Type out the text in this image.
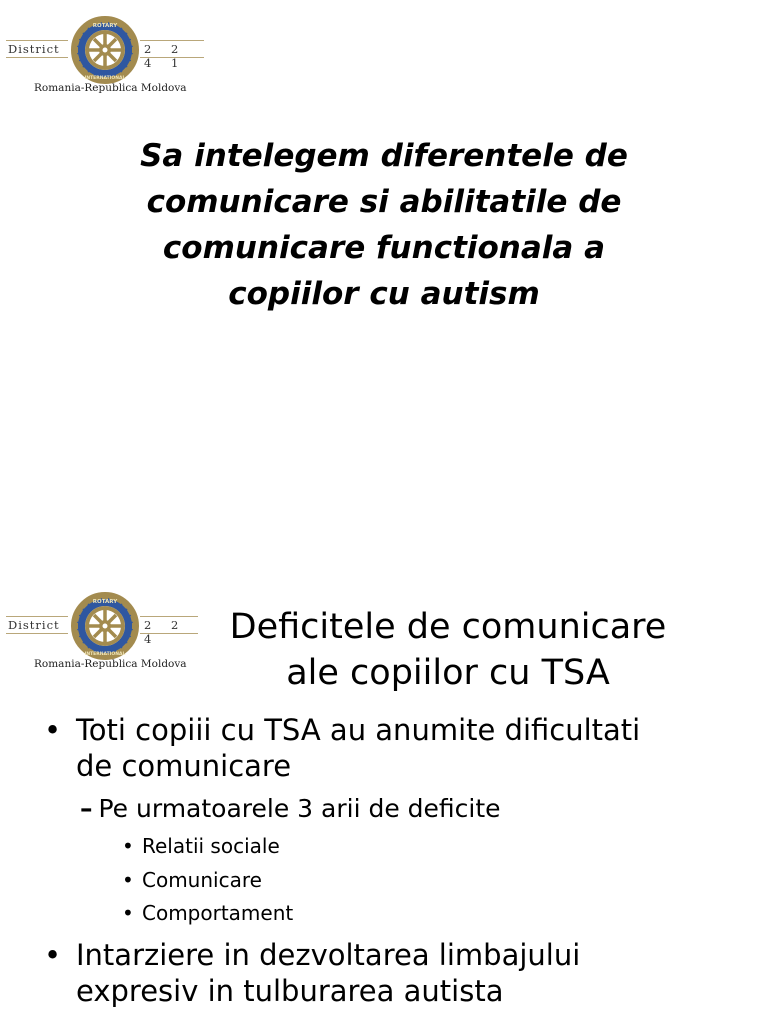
District	2 2 4 1
ROTARY
INTERNATIONAL
Romania-Republica Moldova
Sa intelegem diferentele de
comunicare si abilitatile de
comunicare functionala a
copiilor cu autism
District	2 2 4
ROTARY
INTERNATIONAL
Romania-Republica Moldova
Deficitele de comunicare
ale copiilor cu TSA
• Toti copiii cu TSA au anumite dificultati
de comunicare
– Pe urmatoarele 3 arii de deficite
• Relatii sociale
• Comunicare
• Comportament
• Intarziere in dezvoltarea limbajului
expresiv in tulburarea autista
